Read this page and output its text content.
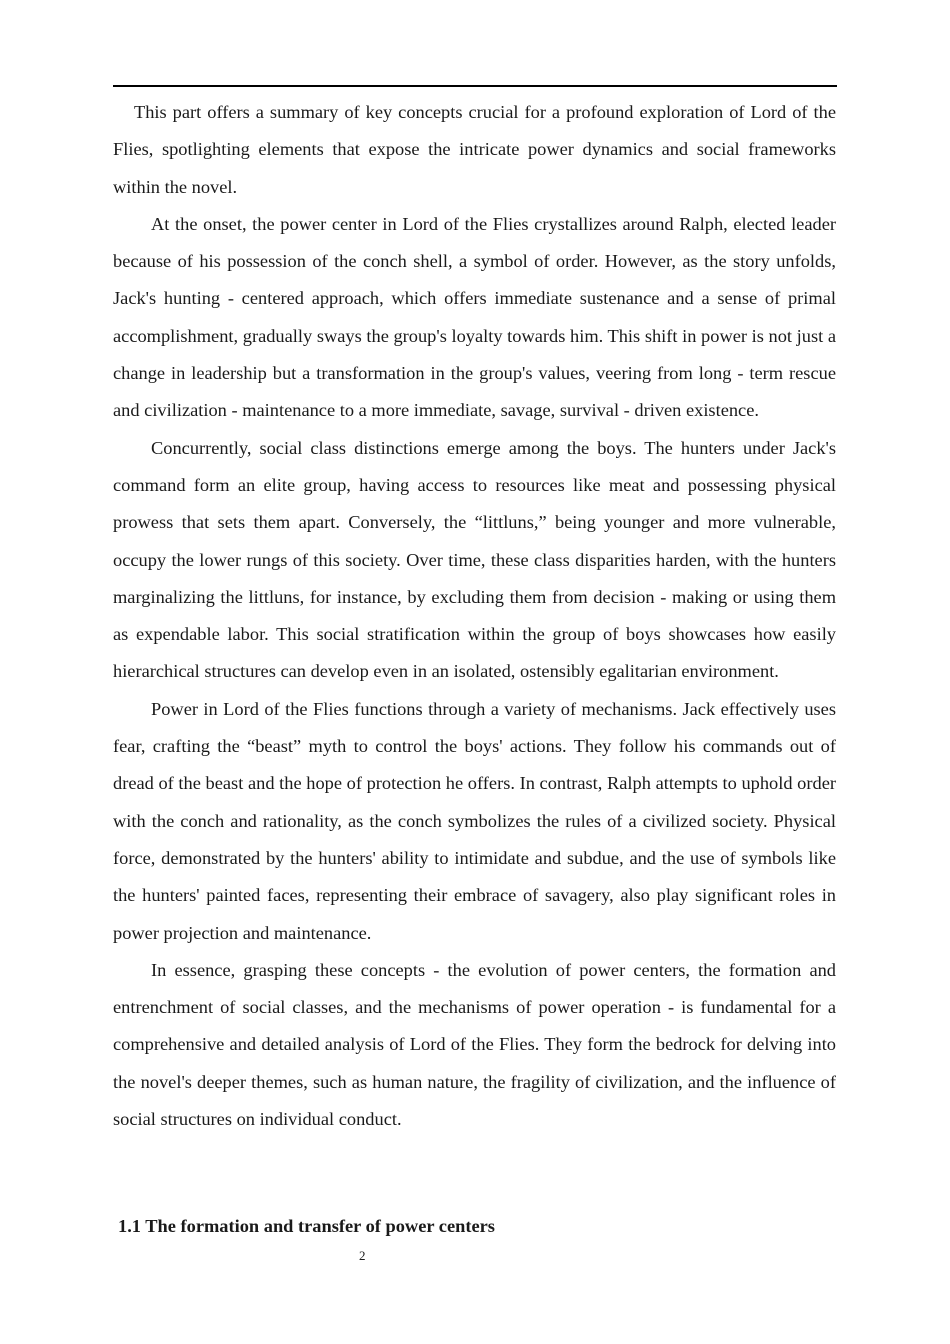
This part offers a summary of key concepts crucial for a profound exploration of Lord of the Flies, spotlighting elements that expose the intricate power dynamics and social frameworks within the novel.

At the onset, the power center in Lord of the Flies crystallizes around Ralph, elected leader because of his possession of the conch shell, a symbol of order. However, as the story unfolds, Jack's hunting - centered approach, which offers immediate sustenance and a sense of primal accomplishment, gradually sways the group's loyalty towards him. This shift in power is not just a change in leadership but a transformation in the group's values, veering from long - term rescue and civilization - maintenance to a more immediate, savage, survival - driven existence.

Concurrently, social class distinctions emerge among the boys. The hunters under Jack's command form an elite group, having access to resources like meat and possessing physical prowess that sets them apart. Conversely, the “littluns,” being younger and more vulnerable, occupy the lower rungs of this society. Over time, these class disparities harden, with the hunters marginalizing the littluns, for instance, by excluding them from decision - making or using them as expendable labor. This social stratification within the group of boys showcases how easily hierarchical structures can develop even in an isolated, ostensibly egalitarian environment.

Power in Lord of the Flies functions through a variety of mechanisms. Jack effectively uses fear, crafting the “beast” myth to control the boys' actions. They follow his commands out of dread of the beast and the hope of protection he offers. In contrast, Ralph attempts to uphold order with the conch and rationality, as the conch symbolizes the rules of a civilized society. Physical force, demonstrated by the hunters' ability to intimidate and subdue, and the use of symbols like the hunters' painted faces, representing their embrace of savagery, also play significant roles in power projection and maintenance.

In essence, grasping these concepts - the evolution of power centers, the formation and entrenchment of social classes, and the mechanisms of power operation - is fundamental for a comprehensive and detailed analysis of Lord of the Flies. They form the bedrock for delving into the novel's deeper themes, such as human nature, the fragility of civilization, and the influence of social structures on individual conduct.

1.1 The formation and transfer of power centers
2
